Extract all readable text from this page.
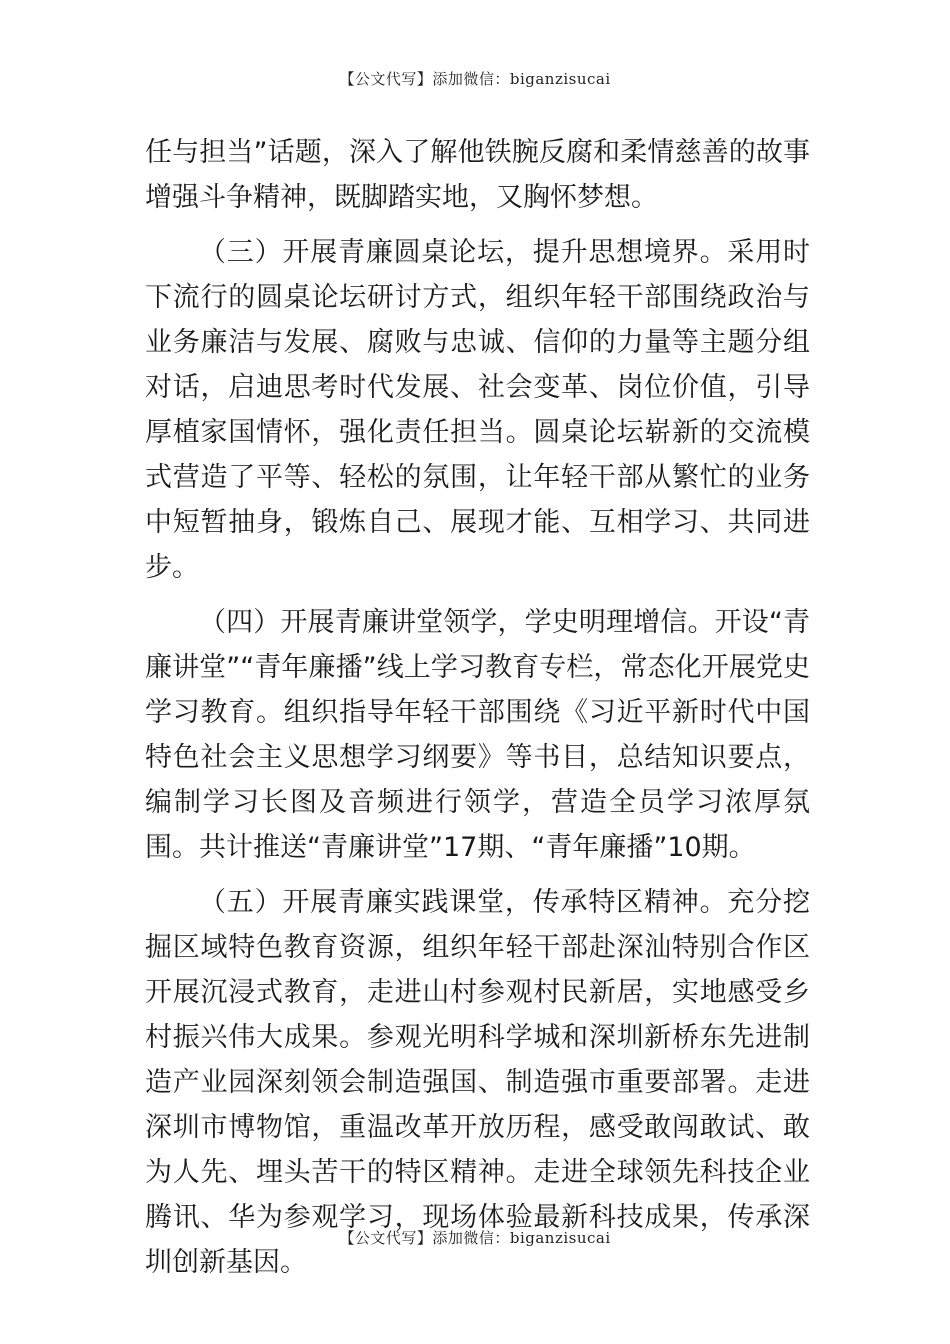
【公文代写】添加微信：biganzisucai

任与担当”话题，深入了解他铁腕反腐和柔情慈善的故事增强斗争精神，既脚踏实地，又胸怀梦想。

（三）开展青廉圆桌论坛，提升思想境界。采用时下流行的圆桌论坛研讨方式，组织年轻干部围绕政治与业务廉洁与发展、腐败与忠诚、信仰的力量等主题分组对话，启迪思考时代发展、社会变革、岗位价值，引导厚植家国情怀，强化责任担当。圆桌论坛崭新的交流模式营造了平等、轻松的氛围，让年轻干部从繁忙的业务中短暂抽身，锻炼自己、展现才能、互相学习、共同进步。

（四）开展青廉讲堂领学，学史明理增信。开设“青廉讲堂”“青年廉播”线上学习教育专栏，常态化开展党史学习教育。组织指导年轻干部围绕《习近平新时代中国特色社会主义思想学习纲要》等书目，总结知识要点，编制学习长图及音频进行领学，营造全员学习浓厚氛围。共计推送“青廉讲堂”17期、“青年廉播”10期。

（五）开展青廉实践课堂，传承特区精神。充分挖掘区域特色教育资源，组织年轻干部赴深汕特别合作区开展沉浸式教育，走进山村参观村民新居，实地感受乡村振兴伟大成果。参观光明科学城和深圳新桥东先进制造产业园深刻领会制造强国、制造强市重要部署。走进深圳市博物馆，重温改革开放历程，感受敢闯敢试、敢为人先、埋头苦干的特区精神。走进全球领先科技企业腾讯、华为参观学习，现场体验最新科技成果，传承深圳创新基因。

【公文代写】添加微信：biganzisucai
